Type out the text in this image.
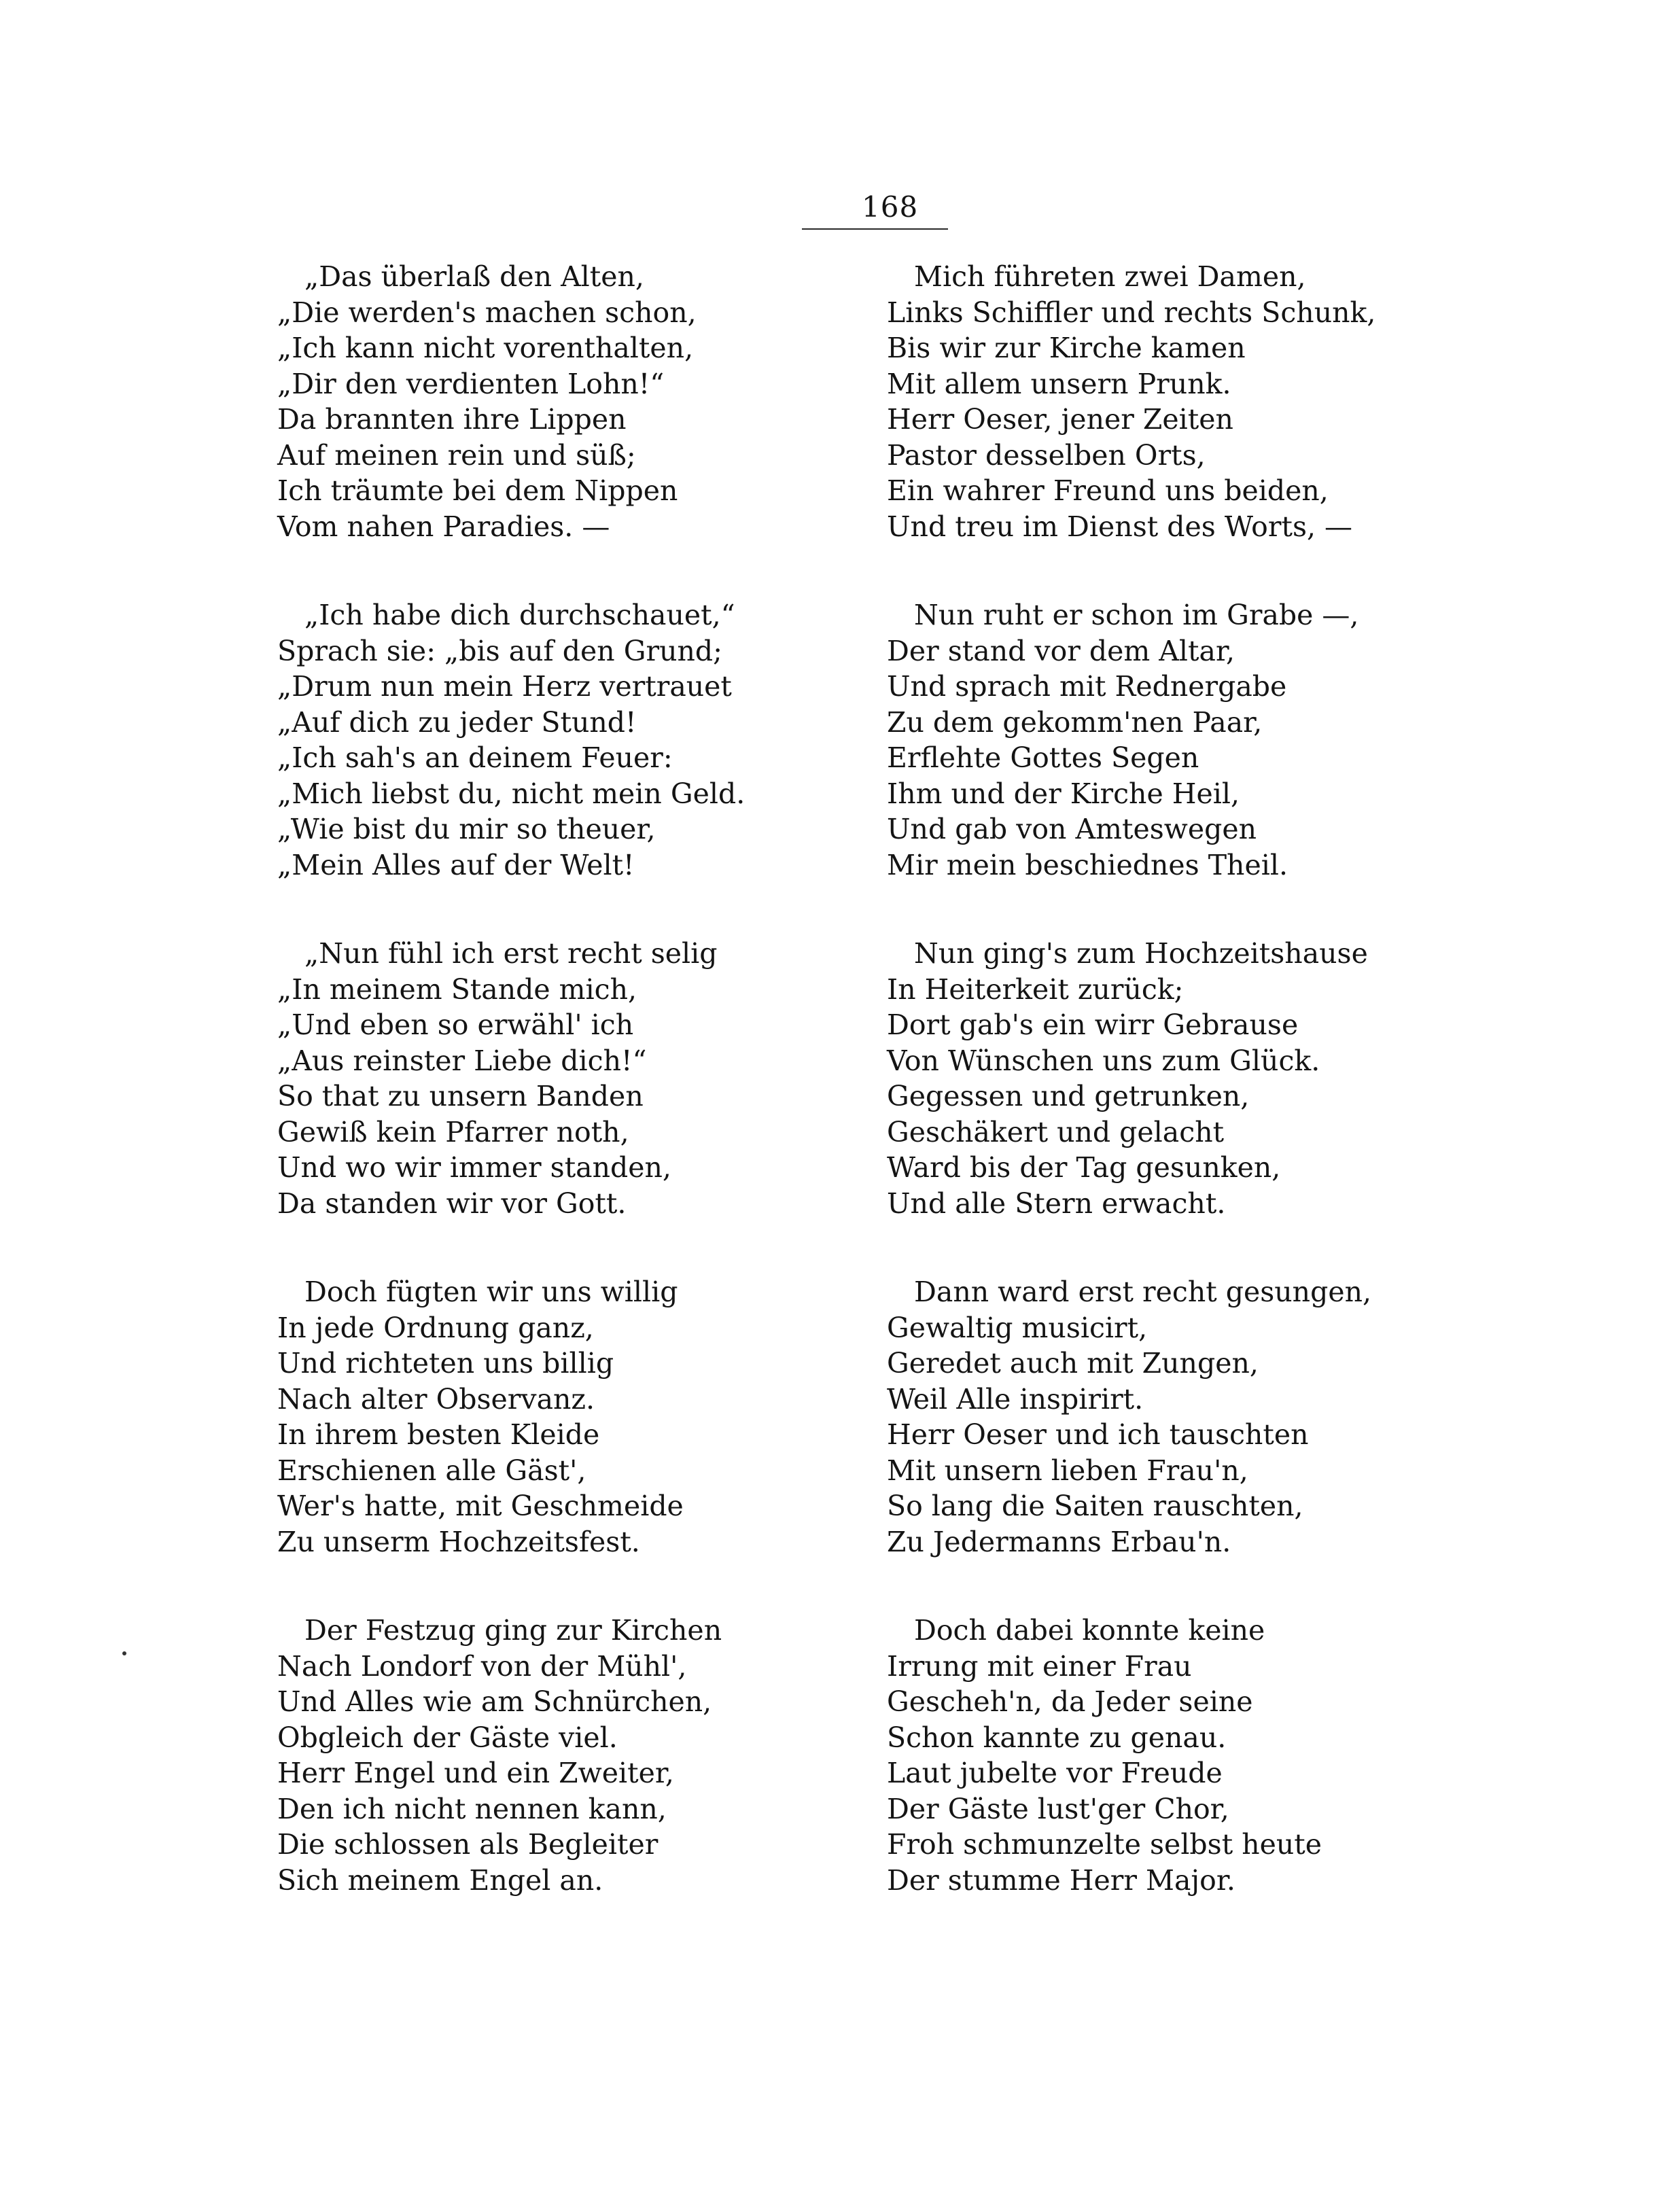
168
„Das überlaß den Alten,
„Die werden's machen schon,
„Ich kann nicht vorenthalten,
„Dir den verdienten Lohn!“
Da brannten ihre Lippen
Auf meinen rein und süß;
Ich träumte bei dem Nippen
Vom nahen Paradies. —
„Ich habe dich durchschauet,“
Sprach sie: „bis auf den Grund;
„Drum nun mein Herz vertrauet
„Auf dich zu jeder Stund!
„Ich sah's an deinem Feuer:
„Mich liebst du, nicht mein Geld.
„Wie bist du mir so theuer,
„Mein Alles auf der Welt!
„Nun fühl ich erst recht selig
„In meinem Stande mich,
„Und eben so erwähl' ich
„Aus reinster Liebe dich!“
So that zu unsern Banden
Gewiß kein Pfarrer noth,
Und wo wir immer standen,
Da standen wir vor Gott.
Doch fügten wir uns willig
In jede Ordnung ganz,
Und richteten uns billig
Nach alter Observanz.
In ihrem besten Kleide
Erschienen alle Gäst',
Wer's hatte, mit Geschmeide
Zu unserm Hochzeitsfest.
Der Festzug ging zur Kirchen
Nach Londorf von der Mühl',
Und Alles wie am Schnürchen,
Obgleich der Gäste viel.
Herr Engel und ein Zweiter,
Den ich nicht nennen kann,
Die schlossen als Begleiter
Sich meinem Engel an.
Mich führeten zwei Damen,
Links Schiffler und rechts Schunk,
Bis wir zur Kirche kamen
Mit allem unsern Prunk.
Herr Oeser, jener Zeiten
Pastor desselben Orts,
Ein wahrer Freund uns beiden,
Und treu im Dienst des Worts, —
Nun ruht er schon im Grabe —,
Der stand vor dem Altar,
Und sprach mit Rednergabe
Zu dem gekomm'nen Paar,
Erflehte Gottes Segen
Ihm und der Kirche Heil,
Und gab von Amteswegen
Mir mein beschiednes Theil.
Nun ging's zum Hochzeitshause
In Heiterkeit zurück;
Dort gab's ein wirr Gebrause
Von Wünschen uns zum Glück.
Gegessen und getrunken,
Geschäkert und gelacht
Ward bis der Tag gesunken,
Und alle Stern erwacht.
Dann ward erst recht gesungen,
Gewaltig musicirt,
Geredet auch mit Zungen,
Weil Alle inspirirt.
Herr Oeser und ich tauschten
Mit unsern lieben Frau'n,
So lang die Saiten rauschten,
Zu Jedermanns Erbau'n.
Doch dabei konnte keine
Irrung mit einer Frau
Gescheh'n, da Jeder seine
Schon kannte zu genau.
Laut jubelte vor Freude
Der Gäste lust'ger Chor,
Froh schmunzelte selbst heute
Der stumme Herr Major.
